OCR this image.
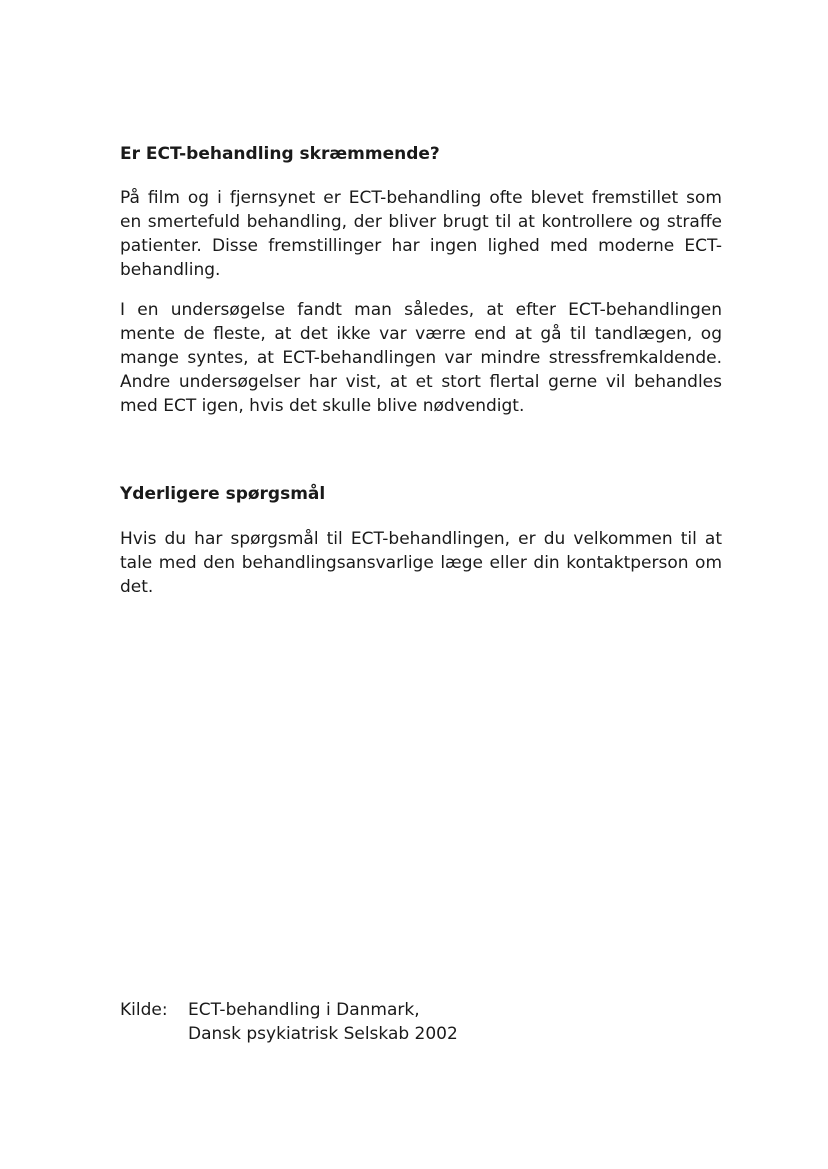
Er ECT-behandling skræmmende?

På film og i fjernsynet er ECT-behandling ofte blevet fremstillet som en smertefuld behandling, der bliver brugt til at kontrollere og straffe patienter. Disse fremstillinger har ingen lighed med moderne ECT-behandling.

I en undersøgelse fandt man således, at efter ECT-behandlingen mente de fleste, at det ikke var værre end at gå til tandlægen, og mange syntes, at ECT-behandlingen var mindre stressfremkaldende. Andre undersøgelser har vist, at et stort flertal gerne vil behandles med ECT igen, hvis det skulle blive nødvendigt.

Yderligere spørgsmål

Hvis du har spørgsmål til ECT-behandlingen, er du velkommen til at tale med den behandlingsansvarlige læge eller din kontaktperson om det.

Kilde:	ECT-behandling i Danmark,
Dansk psykiatrisk Selskab 2002
